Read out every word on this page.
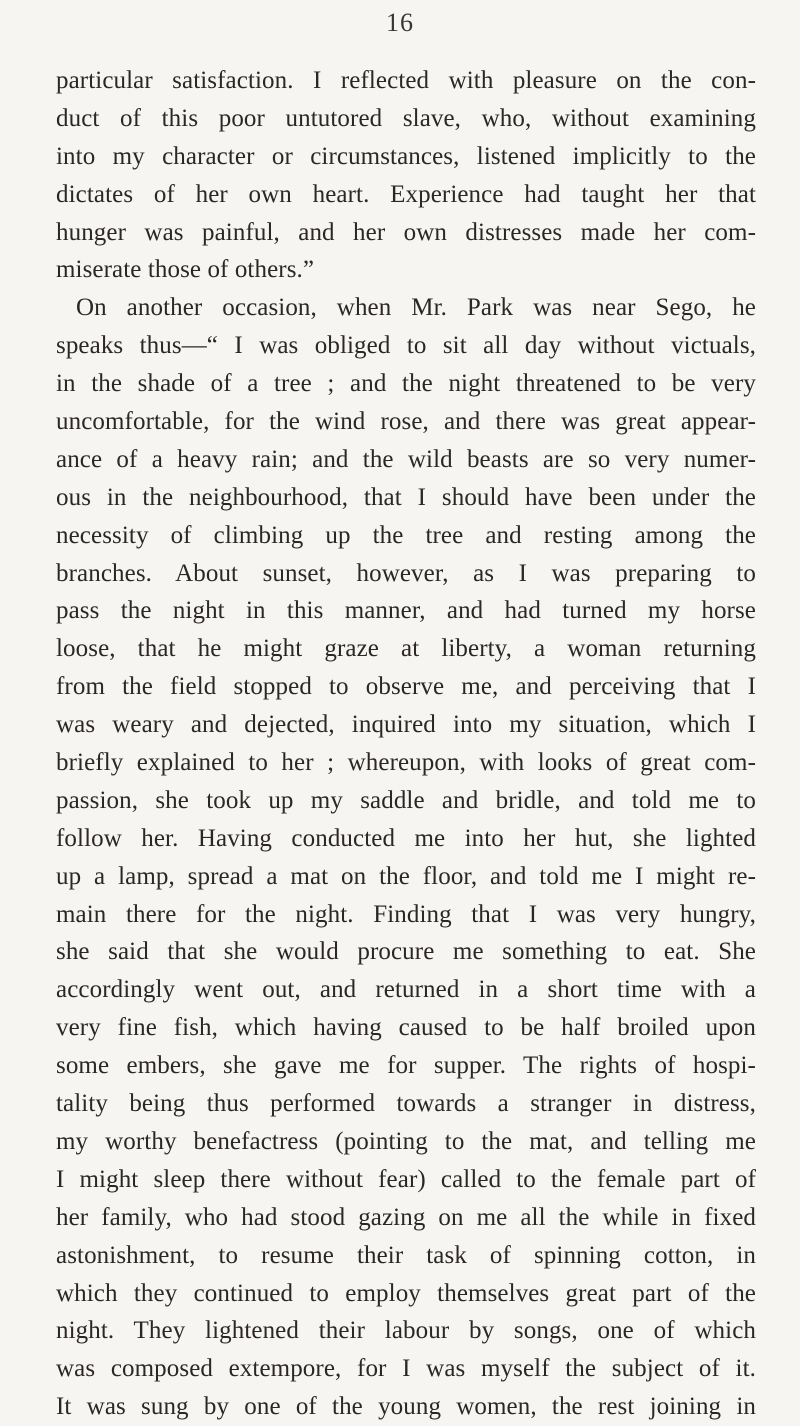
16
particular satisfaction. I reflected with pleasure on the con-
duct of this poor untutored slave, who, without examining
into my character or circumstances, listened implicitly to the
dictates of her own heart. Experience had taught her that
hunger was painful, and her own distresses made her com-
miserate those of others.”
On another occasion, when Mr. Park was near Sego, he
speaks thus—“ I was obliged to sit all day without victuals,
in the shade of a tree ; and the night threatened to be very
uncomfortable, for the wind rose, and there was great appear-
ance of a heavy rain; and the wild beasts are so very numer-
ous in the neighbourhood, that I should have been under the
necessity of climbing up the tree and resting among the
branches. About sunset, however, as I was preparing to
pass the night in this manner, and had turned my horse
loose, that he might graze at liberty, a woman returning
from the field stopped to observe me, and perceiving that I
was weary and dejected, inquired into my situation, which I
briefly explained to her ; whereupon, with looks of great com-
passion, she took up my saddle and bridle, and told me to
follow her. Having conducted me into her hut, she lighted
up a lamp, spread a mat on the floor, and told me I might re-
main there for the night. Finding that I was very hungry,
she said that she would procure me something to eat. She
accordingly went out, and returned in a short time with a
very fine fish, which having caused to be half broiled upon
some embers, she gave me for supper. The rights of hospi-
tality being thus performed towards a stranger in distress,
my worthy benefactress (pointing to the mat, and telling me
I might sleep there without fear) called to the female part of
her family, who had stood gazing on me all the while in fixed
astonishment, to resume their task of spinning cotton, in
which they continued to employ themselves great part of the
night. They lightened their labour by songs, one of which
was composed extempore, for I was myself the subject of it.
It was sung by one of the young women, the rest joining in
